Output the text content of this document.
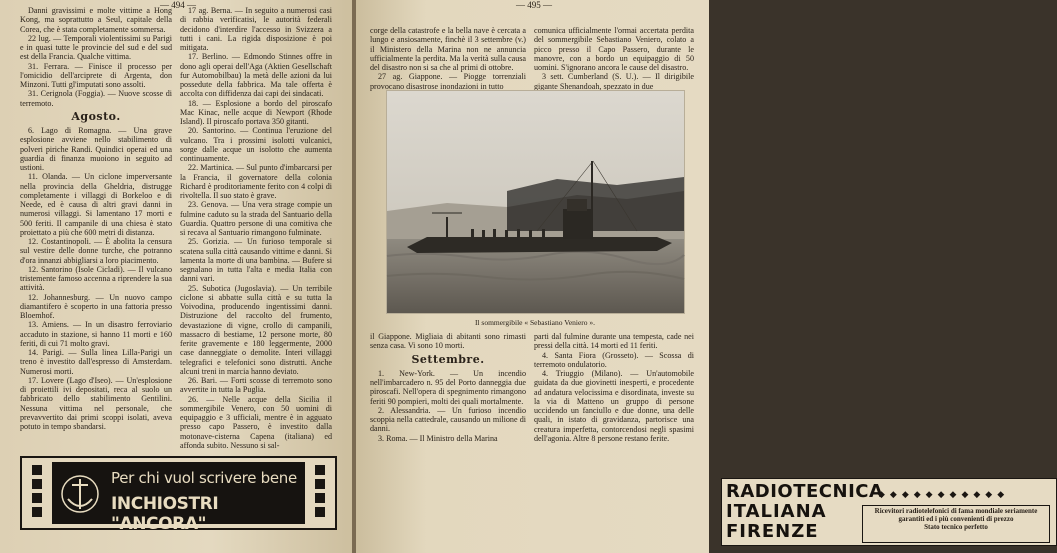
— 494 —

Danni gravissimi e molte vittime a Hong Kong, ma soprattutto a Seul, capitale della Corea, che è stata completamente sommersa.

22 lug. — Temporali violentissimi su Parigi e in quasi tutte le provincie del sud e del sud est della Francia. Qualche vittima.

31. Ferrara. — Finisce il processo per l'omicidio dell'arciprete di Argenta, don Minzoni. Tutti gl'imputati sono assolti.

31. Cerignola (Foggia). — Nuove scosse di terremoto.

Agosto.

6. Lago di Romagna. — Una grave esplosione avviene nello stabilimento di polveri piriche Randi. Quindici operai ed una guardia di finanza muoiono in seguito ad ustioni.

11. Olanda. — Un ciclone imperversante nella provincia della Gheldria, distrugge completamente i villaggi di Borkeloo e di Neede, ed è causa di altri gravi danni in numerosi villaggi. Si lamentano 17 morti e 500 feriti. Il campanile di una chiesa è stato proiettato a più che 600 metri di distanza.

12. Costantinopoli. — È abolita la censura sul vestire delle donne turche, che potranno d'ora innanzi abbigliarsi a loro piacimento.

12. Santorino (Isole Cicladi). — Il vulcano tristemente famoso accenna a riprendere la sua attività.

12. Johannesburg. — Un nuovo campo diamantifero è scoperto in una fattoria presso Bloemhof.

13. Amiens. — In un disastro ferroviario accaduto in stazione, si hanno 11 morti e 160 feriti, di cui 71 molto gravi.

14. Parigi. — Sulla linea Lilla-Parigi un treno è investito dall'espresso di Amsterdam. Numerosi morti.

17. Lovere (Lago d'Iseo). — Un'esplosione di proiettili ivi depositati, reca al suolo un fabbricato dello stabilimento Gentilini. Nessuna vittima nel personale, che prevavvertito dai primi scoppi isolati, aveva potuto in tempo sbandarsi.

17 ag. Berna. — In seguito a numerosi casi di rabbia verificatisi, le autorità federali decidono d'interdire l'accesso in Svizzera a tutti i cani. La rigida disposizione è poi mitigata.

17. Berlino. — Edmondo Stinnes offre in dono agli operai dell'Aga (Aktien Gesellschaft fur Automobilbau) la metà delle azioni da lui possedute della fabbrica. Ma tale offerta è accolta con diffidenza dai capi dei sindacati.

18. — Esplosione a bordo del piroscafo Mac Kinac, nelle acque di Newport (Rhode Island). Il piroscafo portava 350 gitanti.

20. Santorino. — Continua l'eruzione del vulcano. Tra i prossimi isolotti vulcanici, sorge dalle acque un isolotto che aumenta continuamente.

22. Martinica. — Sul punto d'imbarcarsi per la Francia, il governatore della colonia Richard è proditoriamente ferito con 4 colpi di rivoltella. Il suo stato è grave.

23. Genova. — Una vera strage compie un fulmine caduto su la strada del Santuario della Guardia. Quattro persone di una comitiva che si recava al Santuario rimangono fulminate.

25. Gorizia. — Un furioso temporale si scatena sulla città causando vittime e danni. Si lamenta la morte di una bambina. — Bufere si segnalano in tutta l'alta e media Italia con danni vari.

25. Subotica (Jugoslavia). — Un terribile ciclone si abbatte sulla città e su tutta la Voivodina, producendo ingentissimi danni. Distruzione del raccolto del frumento, devastazione di vigne, crollo di campanili, massacro di bestiame, 12 persone morte, 80 ferite gravemente e 180 leggermente, 2000 case danneggiate o demolite. Interi villaggi telegrafici e telefonici sono distrutti. Anche alcuni treni in marcia hanno deviato.

26. Bari. — Forti scosse di terremoto sono avvertite in tutta la Puglia.

26. — Nelle acque della Sicilia il sommergibile Venero, con 50 uomini di equipaggio e 3 ufficiali, mentre è in agguato presso capo Passero, è investito dalla motonave-cisterna Capena (italiana) ed affonda subito. Nessuno si sal-

Per chi vuol scrivere bene
INCHIOSTRI "ANCORA"
— 495 —

corge della catastrofe e la bella nave è cercata a lungo e ansiosamente, finchè il 3 settembre (v.) il Ministero della Marina non ne annuncia ufficialmente la perdita. Ma la verità sulla causa del disastro non si sa che al primi di ottobre.

27 ag. Giappone. — Piogge torrenziali provocano disastrose inondazioni in tutto

comunica ufficialmente l'ormai accertata perdita del sommergibile Sebastiano Veniero, colato a picco presso il Capo Passero, durante le manovre, con a bordo un equipaggio di 50 uomini. S'ignorano ancora le cause del disastro.

3 sett. Cumberland (S. U.). — Il dirigibile gigante Shenandoah, spezzato in due

il Giappone. Migliaia di abitanti sono rimasti senza casa. Vi sono 10 morti.

Settembre.

1. New-York. — Un incendio nell'imbarcadero n. 95 del Porto danneggia due piroscafi. Nell'opera di spegnimento rimangono feriti 90 pompieri, molti dei quali mortalmente.

2. Alessandria. — Un furioso incendio scoppia nella cattedrale, causando un milione di danni.

3. Roma. — Il Ministro della Marina

parti dal fulmine durante una tempesta, cade nei pressi della città. 14 morti ed 11 feriti.

4. Santa Fiora (Grosseto). — Scossa di terremoto ondulatorio.

4. Triuggio (Milano). — Un'automobile guidata da due giovinetti inesperti, e procedente ad andatura velocissima e disordinata, investe su la via di Matteno un gruppo di persone uccidendo un fanciullo e due donne, una delle quali, in istato di gravidanza, partorisce una creatura imperfetta, contorcendosi negli spasimi dell'agonia. Altre 8 persone restano ferite.

RADIOTECNICA
◆◆◆◆◆◆◆◆◆◆◆
ITALIANA
FIRENZE
Ricevitori radiotelefonici di fama mondiale seriamente garantiti ed i più convenienti di prezzo
Stato tecnico perfetto
Il sommergibile « Sebastiano Veniero ».
